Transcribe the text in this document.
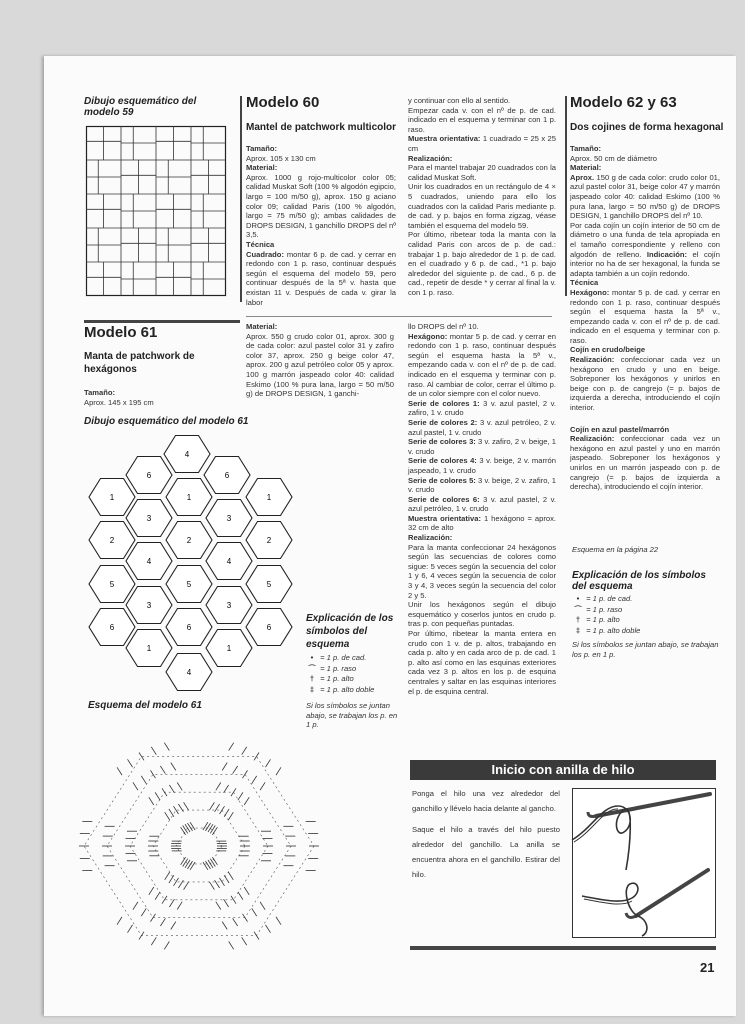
Dibujo esquemático del modelo 59
Modelo 60
Mantel de patchwork multicolor

Tamaño:

Aprox. 105 x 130 cm

Material:

Aprox. 1000 g rojo-multicolor color 05; calidad Muskat Soft (100 % algodón egipcio, largo = 100 m/50 g), aprox. 150 g aciano color 09; calidad Paris (100 % algodón, largo = 75 m/50 g); ambas calidades de DROPS DESIGN, 1 ganchillo DROPS del nº 3,5.

Técnica

Cuadrado: montar 6 p. de cad. y cerrar en redondo con 1 p. raso, continuar después según el esquema del modelo 59, pero continuar después de la 5ª v. hasta que existan 11 v. Después de cada v. girar la labor

y continuar con ello al sentido.

Empezar cada v. con el nº de p. de cad. indicado en el esquema y terminar con 1 p. raso.

Muestra orientativa: 1 cuadrado = 25 x 25 cm

Realización:

Para el mantel trabajar 20 cuadrados con la calidad Muskat Soft.

Unir los cuadrados en un rectángulo de 4 × 5 cuadrados, uniendo para ello los cuadrados con la calidad Paris mediante p. de cad. y p. bajos en forma zigzag, véase también el esquema del modelo 59.

Por último, ribetear toda la manta con la calidad Paris con arcos de p. de cad.: trabajar 1 p. bajo alrededor de 1 p. de cad. en el cuadrado y 6 p. de cad., *1 p. bajo alrededor del siguiente p. de cad., 6 p. de cad., repetir de desde * y cerrar al final la v. con 1 p. raso.

Modelo 62 y 63
Dos cojines de forma hexagonal

Tamaño:

Aprox. 50 cm de diámetro

Material:

Aprox. 150 g de cada color: crudo color 01, azul pastel color 31, beige color 47 y marrón jaspeado color 40: calidad Eskimo (100 % pura lana, largo = 50 m/50 g) de DROPS DESIGN, 1 ganchillo DROPS del nº 10.

Por cada cojín un cojín interior de 50 cm de diámetro o una funda de tela apropiada en el tamaño correspondiente y relleno con algodón de relleno. Indicación: el cojín interior no ha de ser hexagonal, la funda se adapta también a un cojín redondo.

Técnica

Hexágono: montar 5 p. de cad. y cerrar en redondo con 1 p. raso, continuar después según el esquema hasta la 5ª v., empezando cada v. con el nº de p. de cad. indicado en el esquema y terminar con p. raso.

Cojín en crudo/beige

Realización: confeccionar cada vez un hexágono en crudo y uno en beige. Sobreponer los hexágonos y unirlos en beige con p. de cangrejo (= p. bajos de izquierda a derecha, introduciendo el cojín interior.

Cojín en azul pastel/marrón

Realización: confeccionar cada vez un hexágono en azul pastel y uno en marrón jaspeado. Sobreponer los hexágonos y unirlos en un marrón jaspeado con p. de cangrejo (= p. bajos de izquierda a derecha), introduciendo el cojín interior.

Esquema en la página 22
Explicación de los símbolos del esquema
• = 1 p. de cad.
⌒ = 1 p. raso
† = 1 p. alto
‡ = 1 p. alto doble
Si los símbolos se juntan abajo, se trabajan los p. en 1 p.
Modelo 61
Manta de patchwork de hexágonos
Tamaño:
Aprox. 145 x 195 cm

Material:

Aprox. 550 g crudo color 01, aprox. 300 g de cada color: azul pastel color 31 y zafiro color 37, aprox. 250 g beige color 47, aprox. 200 g azul petróleo color 05 y aprox. 100 g marrón jaspeado color 40: calidad Eskimo (100 % pura lana, largo = 50 m/50 g) de DROPS DESIGN, 1 ganchi-

llo DROPS del nº 10.

Hexágono: montar 5 p. de cad. y cerrar en redondo con 1 p. raso, continuar después según el esquema hasta la 5ª v., empezando cada v. con el nº de p. de cad. indicado en el esquema y terminar con p. raso. Al cambiar de color, cerrar el último p. de un color siempre con el color nuevo.

Serie de colores 1: 3 v. azul pastel, 2 v. zafiro, 1 v. crudo

Serie de colores 2: 3 v. azul petróleo, 2 v. azul pastel, 1 v. crudo

Serie de colores 3: 3 v. zafiro, 2 v. beige, 1 v. crudo

Serie de colores 4: 3 v. beige, 2 v. marrón jaspeado, 1 v. crudo

Serie de colores 5: 3 v. beige, 2 v. zafiro, 1 v. crudo

Serie de colores 6: 3 v. azul pastel, 2 v. azul petróleo, 1 v. crudo

Muestra orientativa: 1 hexágono = aprox. 32 cm de alto

Realización:

Para la manta confeccionar 24 hexágonos según las secuencias de colores como sigue: 5 veces según la secuencia del color 1 y 6, 4 veces según la secuencia de color 3 y 4, 3 veces según la secuencia del color 2 y 5.

Unir los hexágonos según el dibujo esquemático y coserlos juntos en crudo p. tras p. con pequeñas puntadas.

Por último, ribetear la manta entera en crudo con 1 v. de p. altos, trabajando en cada p. alto y en cada arco de p. de cad. 1 p. alto así como en las esquinas exteriores cada vez 3 p. altos en los p. de esquina centrales y saltar en las esquinas interiores el p. de esquina central.

Dibujo esquemático del modelo 61
4
6	6
1	1	1
3	3
2	2	2
4	4
5	5	5
3	3
6	6	6
1	1
4
Explicación de los símbolos del esquema
• = 1 p. de cad.
⌒ = 1 p. raso
† = 1 p. alto
‡ = 1 p. alto doble
Si los símbolos se juntan abajo, se trabajan los p. en 1 p.
Esquema del modelo 61
Inicio con anilla de hilo

Ponga el hilo una vez alrededor del ganchillo y llévelo hacia delante al gancho.

Saque el hilo a través del hilo puesto alrededor del ganchillo. La anilla se encuentra ahora en el ganchillo. Estirar del hilo.

21
